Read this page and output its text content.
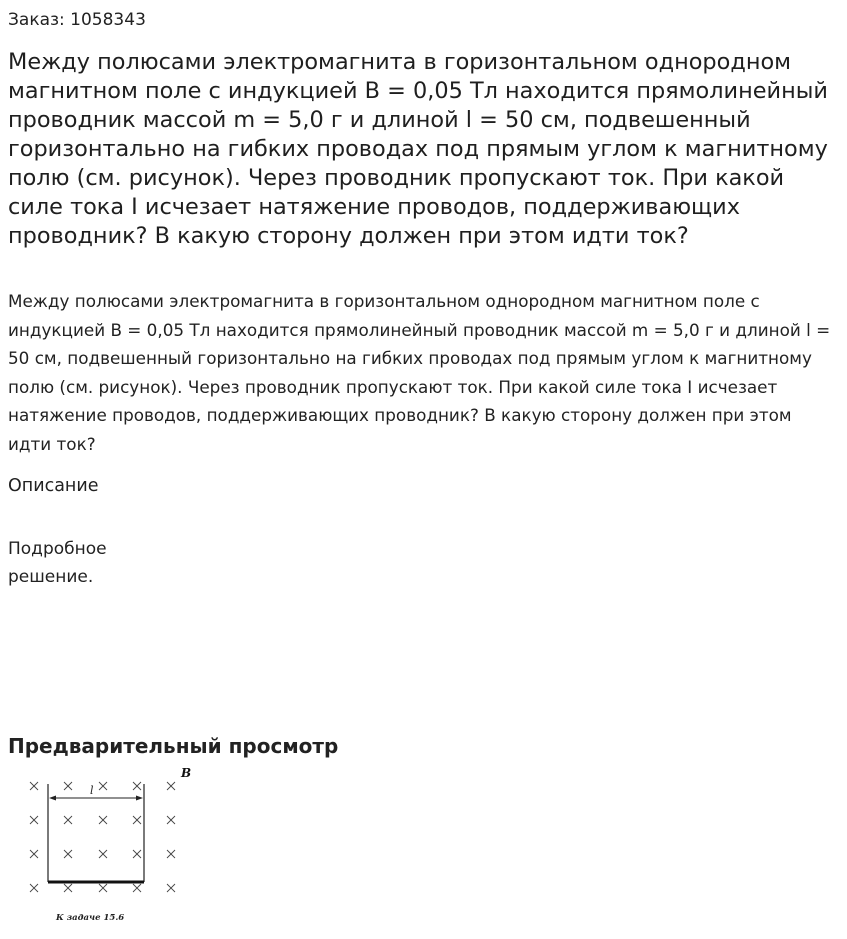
Заказ: 1058343
Между полюсами электромагнита в горизонтальном однородном магнитном поле с индукцией B = 0,05 Тл находится прямолинейный проводник массой m = 5,0 г и длиной l = 50 см, подвешенный горизонтально на гибких проводах под прямым углом к магнитному полю (см. рисунок). Через проводник пропускают ток. При какой силе тока I исчезает натяжение проводов, поддерживающих проводник? В какую сторону должен при этом идти ток?

Между полюсами электромагнита в горизонтальном однородном магнитном поле с индукцией B = 0,05 Тл находится прямолинейный проводник массой m = 5,0 г и длиной l = 50 см, подвешенный горизонтально на гибких проводах под прямым углом к магнитному полю (см. рисунок). Через проводник пропускают ток. При какой силе тока I исчезает натяжение проводов, поддерживающих проводник? В какую сторону должен при этом идти ток?

Описание
Подробное решение.
Предварительный просмотр
l
B
К задаче 15.6
